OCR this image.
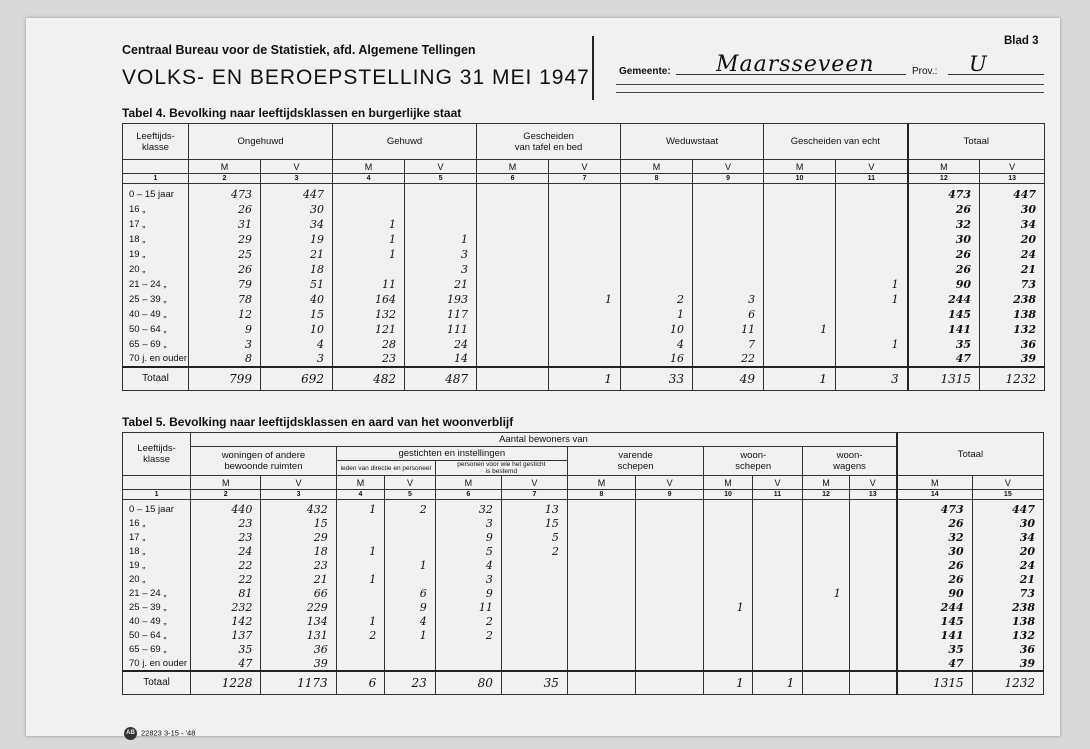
Centraal Bureau voor de Statistiek, afd. Algemene Tellingen
VOLKS- EN BEROEPSTELLING 31 MEI 1947
Blad 3
Gemeente: Maarsseveen	Prov.: U
Tabel 4. Bevolking naar leeftijdsklassen en burgerlijke staat
Leeftijds-
klasse	Ongehuwd		Gehuwd		Gescheiden
van tafel en bed		Weduwstaat		Gescheiden van echt		Totaal	
	M	V	M	V	M	V	M	V	M	V	M	V
1	2	3	4	5	6	7	8	9	10	11	12	13
0 – 15 jaar	473	447									473	447
16 „	26	30									26	30
17 „	31	34	1								32	34
18 „	29	19	1	1							30	20
19 „	25	21	1	3							26	24
20 „	26	18		3							26	21
21 – 24 „	79	51	11	21						1	90	73
25 – 39 „	78	40	164	193		1	2	3		1	244	238
40 – 49 „	12	15	132	117			1	6			145	138
50 – 64 „	9	10	121	111			10	11	1		141	132
65 – 69 „	3	4	28	24			4	7		1	35	36
70 j. en ouder	8	3	23	14			16	22			47	39
Totaal	799	692	482	487		1	33	49	1	3	1315	1232
Tabel 5. Bevolking naar leeftijdsklassen en aard van het woonverblijf
Leeftijds-
klasse	Aantal bewoners van												Totaal	
	woningen of andere
bewoonde ruimten		gestichten en instellingen				varende
schepen		woon-
schepen		woon-
wagens			
			leden van directie en personeel		personen voor wie het gesticht
is bestemd									
	M	V	M	V	M	V	M	V	M	V	M	V	M	V
1	2	3	4	5	6	7	8	9	10	11	12	13	14	15
0 – 15 jaar	440	432	1	2	32	13							473	447
16 „	23	15			3	15							26	30
17 „	23	29			9	5							32	34
18 „	24	18	1		5	2							30	20
19 „	22	23		1	4								26	24
20 „	22	21	1		3								26	21
21 – 24 „	81	66		6	9						1		90	73
25 – 39 „	232	229		9	11				1				244	238
40 – 49 „	142	134	1	4	2								145	138
50 – 64 „	137	131	2	1	2								141	132
65 – 69 „	35	36											35	36
70 j. en ouder	47	39											47	39
Totaal	1228	1173	6	23	80	35			1	1			1315	1232
AB 22823 3-15 - '48
